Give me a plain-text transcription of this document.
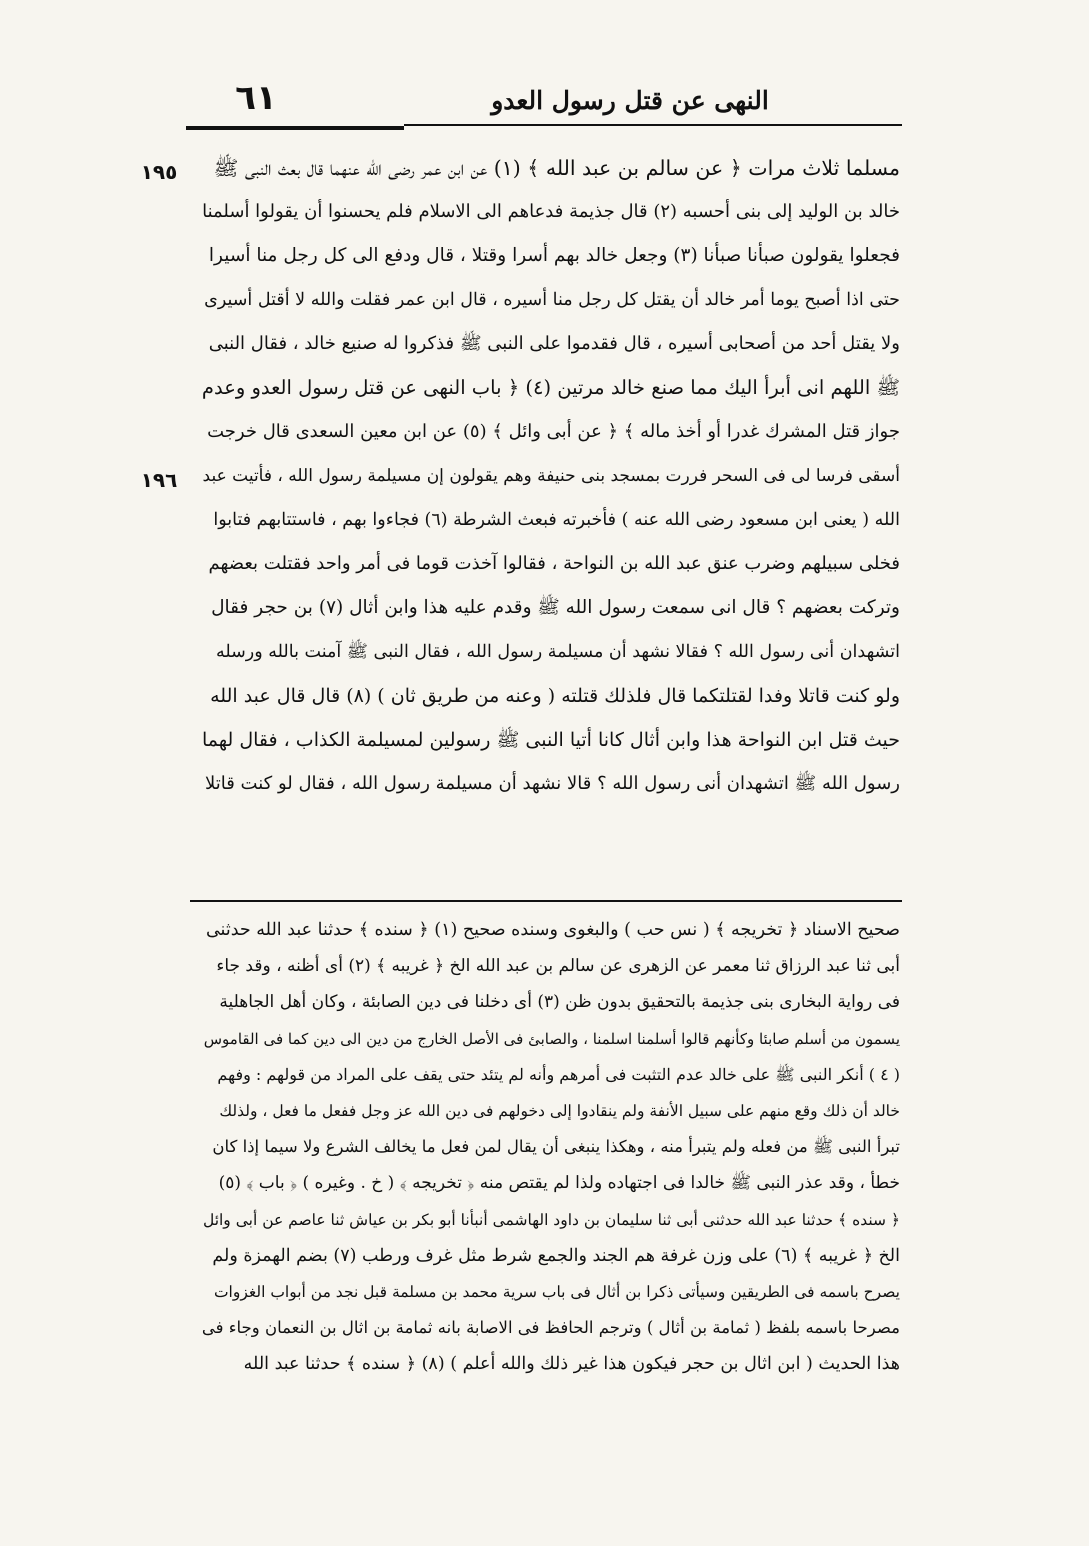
٦١	النهى عن قتل رسول العدو
١٩٥
١٩٦
مسلما ثلاث مرات ﴿ عن سالم بن عبد الله ﴾ (١) عن ابن عمر رضى الله عنهما قال بعث النبى ﷺ
خالد بن الوليد إلى بنى أحسبه (٢) قال جذيمة فدعاهم الى الاسلام فلم يحسنوا أن يقولوا أسلمنا
فجعلوا يقولون صبأنا صبأنا (٣) وجعل خالد بهم أسرا وقتلا ، قال ودفع الى كل رجل منا أسيرا
حتى اذا أصبح يوما أمر خالد أن يقتل كل رجل منا أسيره ، قال ابن عمر فقلت والله لا أقتل أسيرى
ولا يقتل أحد من أصحابى أسيره ، قال فقدموا على النبى ﷺ فذكروا له صنيع خالد ، فقال النبى
ﷺ اللهم انى أبرأ اليك مما صنع خالد مرتين (٤) ﴿ باب النهى عن قتل رسول العدو وعدم
جواز قتل المشرك غدرا أو أخذ ماله ﴾ ﴿ عن أبى وائل ﴾ (٥) عن ابن معين السعدى قال خرجت
أسقى فرسا لى فى السحر فررت بمسجد بنى حنيفة وهم يقولون إن مسيلمة رسول الله ، فأتيت عبد
الله ( يعنى ابن مسعود رضى الله عنه ) فأخبرته فبعث الشرطة (٦) فجاءوا بهم ، فاستتابهم فتابوا
فخلى سبيلهم وضرب عنق عبد الله بن النواحة ، فقالوا آخذت قوما فى أمر واحد فقتلت بعضهم
وتركت بعضهم ؟ قال انى سمعت رسول الله ﷺ وقدم عليه هذا وابن أثال (٧) بن حجر فقال
اتشهدان أنى رسول الله ؟ فقالا نشهد أن مسيلمة رسول الله ، فقال النبى ﷺ آمنت بالله ورسله
ولو كنت قاتلا وفدا لقتلتكما قال فلذلك قتلته ( وعنه من طريق ثان ) (٨) قال قال عبد الله
حيث قتل ابن النواحة هذا وابن أثال كانا أتيا النبى ﷺ رسولين لمسيلمة الكذاب ، فقال لهما
رسول الله ﷺ اتشهدان أنى رسول الله ؟ قالا نشهد أن مسيلمة رسول الله ، فقال لو كنت قاتلا
صحيح الاسناد ﴿ تخريجه ﴾ ( نس حب ) والبغوى وسنده صحيح (١) ﴿ سنده ﴾ حدثنا عبد الله حدثنى
أبى ثنا عبد الرزاق ثنا معمر عن الزهرى عن سالم بن عبد الله الخ ﴿ غريبه ﴾ (٢) أى أظنه ، وقد جاء
فى رواية البخارى بنى جذيمة بالتحقيق بدون ظن (٣) أى دخلنا فى دين الصابئة ، وكان أهل الجاهلية
يسمون من أسلم صابئا وكأنهم قالوا أسلمنا اسلمنا ، والصابئ فى الأصل الخارج من دين الى دين كما فى القاموس
( ٤ ) أنكر النبى ﷺ على خالد عدم التثبت فى أمرهم وأنه لم يتئد حتى يقف على المراد من قولهم : وفهم
خالد أن ذلك وقع منهم على سبيل الأنفة ولم ينقادوا إلى دخولهم فى دين الله عز وجل ففعل ما فعل ، ولذلك
تبرأ النبى ﷺ من فعله ولم يتبرأ منه ، وهكذا ينبغى أن يقال لمن فعل ما يخالف الشرع ولا سيما إذا كان
خطأ ، وقد عذر النبى ﷺ خالدا فى اجتهاده ولذا لم يقتص منه ﴿ تخريجه ﴾ ( خ . وغيره ) ﴿ باب ﴾ (٥)
﴿ سنده ﴾ حدثنا عبد الله حدثنى أبى ثنا سليمان بن داود الهاشمى أنبأنا أبو بكر بن عياش ثنا عاصم عن أبى وائل
الخ ﴿ غريبه ﴾ (٦) على وزن غرفة هم الجند والجمع شرط مثل غرف ورطب (٧) بضم الهمزة ولم
يصرح باسمه فى الطريقين وسيأتى ذكرا بن أثال فى باب سرية محمد بن مسلمة قبل نجد من أبواب الغزوات
مصرحا باسمه بلفظ ( ثمامة بن أثال ) وترجم الحافظ فى الاصابة بانه ثمامة بن اثال بن النعمان وجاء فى
هذا الحديث ( ابن اثال بن حجر فيكون هذا غير ذلك والله أعلم ) (٨) ﴿ سنده ﴾ حدثنا عبد الله
